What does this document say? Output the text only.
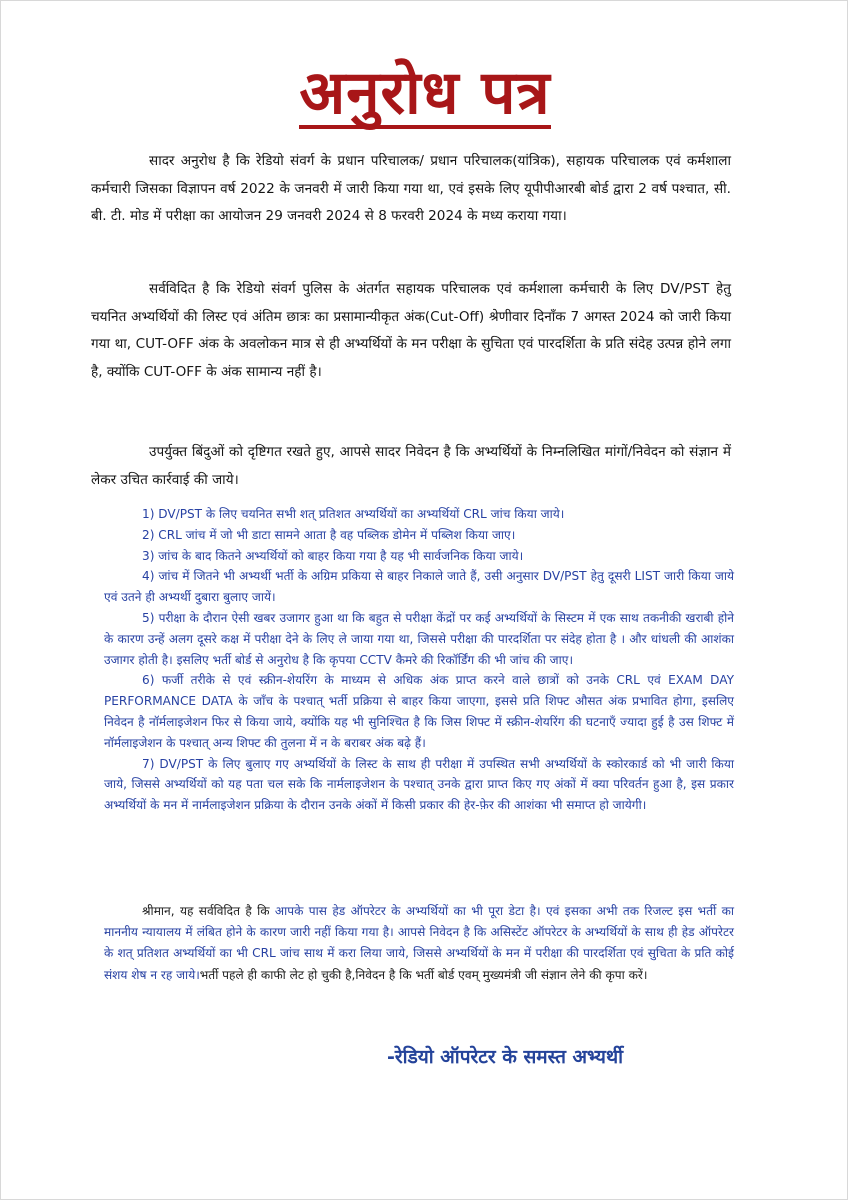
अनुरोध पत्र
सादर अनुरोध है कि रेडियो संवर्ग के प्रधान परिचालक/ प्रधान परिचालक(यांत्रिक), सहायक परिचालक एवं कर्मशाला कर्मचारी जिसका विज्ञापन वर्ष 2022 के जनवरी में जारी किया गया था, एवं इसके लिए यूपीपीआरबी बोर्ड द्वारा 2 वर्ष पश्चात, सी. बी. टी. मोड में परीक्षा का आयोजन 29 जनवरी 2024 से 8 फरवरी 2024 के मध्य कराया गया।
सर्वविदित है कि रेडियो संवर्ग पुलिस के अंतर्गत सहायक परिचालक एवं कर्मशाला कर्मचारी के लिए DV/PST हेतु चयनित अभ्यर्थियों की लिस्ट एवं अंतिम छात्रः का प्रसामान्यीकृत अंक(Cut-Off) श्रेणीवार दिनाँक 7 अगस्त 2024 को जारी किया गया था, CUT-OFF अंक के अवलोकन मात्र से ही अभ्यर्थियों के मन परीक्षा के सुचिता एवं पारदर्शिता के प्रति संदेह उत्पन्न होने लगा है, क्योंकि CUT-OFF के अंक सामान्य नहीं है।
उपर्युक्त बिंदुओं को दृष्टिगत रखते हुए, आपसे सादर निवेदन है कि अभ्यर्थियों के निम्नलिखित मांगों/निवेदन को संज्ञान में लेकर उचित कार्रवाई की जाये।

1) DV/PST के लिए चयनित सभी शत् प्रतिशत अभ्यर्थियों का अभ्यर्थियों CRL जांच किया जाये।

2) CRL जांच में जो भी डाटा सामने आता है वह पब्लिक डोमेन में पब्लिश किया जाए।

3) जांच के बाद कितने अभ्यर्थियों को बाहर किया गया है यह भी सार्वजनिक किया जाये।

4) जांच में जितने भी अभ्यर्थी भर्ती के अग्रिम प्रकिया से बाहर निकाले जाते हैं, उसी अनुसार DV/PST हेतु दूसरी LIST जारी किया जाये एवं उतने ही अभ्यर्थी दुबारा बुलाए जायें।

5) परीक्षा के दौरान ऐसी खबर उजागर हुआ था कि बहुत से परीक्षा केंद्रों पर कई अभ्यर्थियों के सिस्टम में एक साथ तकनीकी खराबी होने के कारण उन्हें अलग दूसरे कक्ष में परीक्षा देने के लिए ले जाया गया था, जिससे परीक्षा की पारदर्शिता पर संदेह होता है । और धांधली की आशंका उजागर होती है। इसलिए भर्ती बोर्ड से अनुरोध है कि कृपया CCTV कैमरे की रिकॉर्डिंग की भी जांच की जाए।

6) फर्जी तरीके से एवं स्क्रीन-शेयरिंग के माध्यम से अधिक अंक प्राप्त करने वाले छात्रों को उनके CRL एवं EXAM DAY PERFORMANCE DATA के जाँच के पश्चात् भर्ती प्रक्रिया से बाहर किया जाएगा, इससे प्रति शिफ्ट औसत अंक प्रभावित होगा, इसलिए निवेदन है नॉर्मलाइजेशन फिर से किया जाये, क्योंकि यह भी सुनिश्चित है कि जिस शिफ्ट में स्क्रीन-शेयरिंग की घटनाएँ ज्यादा हुई है उस शिफ्ट में नॉर्मलाइजेशन के पश्चात् अन्य शिफ्ट की तुलना में न के बराबर अंक बढ़े हैं।

7) DV/PST के लिए बुलाए गए अभ्यर्थियों के लिस्ट के साथ ही परीक्षा में उपस्थित सभी अभ्यर्थियों के स्कोरकार्ड को भी जारी किया जाये, जिससे अभ्यर्थियों को यह पता चल सके कि नार्मलाइजेशन के पश्चात् उनके द्वारा प्राप्त किए गए अंकों में क्या परिवर्तन हुआ है, इस प्रकार अभ्यर्थियों के मन में नार्मलाइजेशन प्रक्रिया के दौरान उनके अंकों में किसी प्रकार की हेर-फ़ेर की आशंका भी समाप्त हो जायेगी।

श्रीमान, यह सर्वविदित है कि आपके पास हेड ऑपरेटर के अभ्यर्थियों का भी पूरा डेटा है। एवं इसका अभी तक रिजल्ट इस भर्ती का माननीय न्यायालय में लंबित होने के कारण जारी नहीं किया गया है। आपसे निवेदन है कि असिस्टेंट ऑपरेटर के अभ्यर्थियों के साथ ही हेड ऑपरेटर के शत् प्रतिशत अभ्यर्थियों का भी CRL जांच साथ में करा लिया जाये, जिससे अभ्यर्थियों के मन में परीक्षा की पारदर्शिता एवं सुचिता के प्रति कोई संशय शेष न रह जाये।भर्ती पहले ही काफी लेट हो चुकी है,निवेदन है कि भर्ती बोर्ड एवम् मुख्यमंत्री जी संज्ञान लेने की कृपा करें।
-रेडियो ऑपरेटर के समस्त अभ्यर्थी
